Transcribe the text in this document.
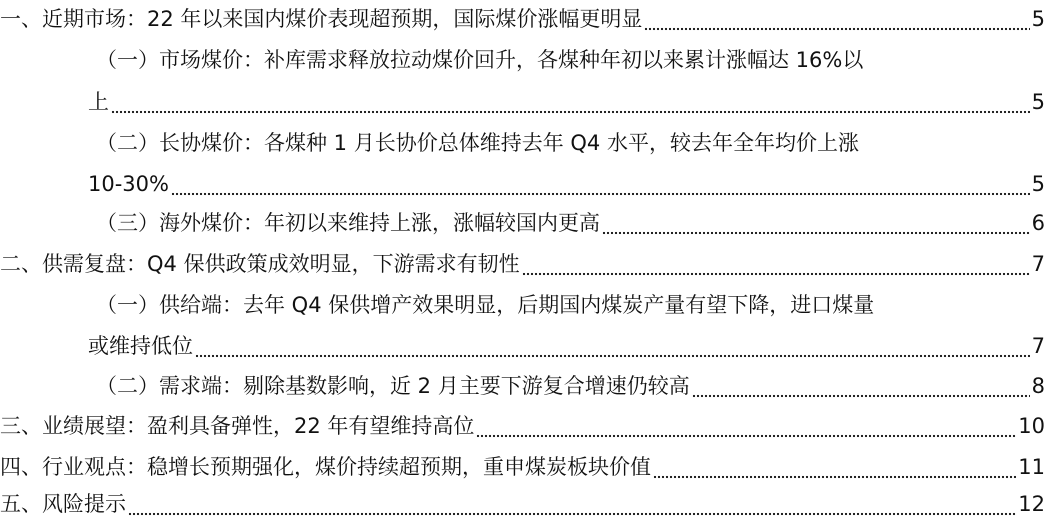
一、近期市场：22 年以来国内煤价表现超预期，国际煤价涨幅更明显	5
（一）市场煤价：补库需求释放拉动煤价回升，各煤种年初以来累计涨幅达 16%以
上	5
（二）长协煤价：各煤种 1 月长协价总体维持去年 Q4 水平，较去年全年均价上涨
10-30%	5
（三）海外煤价：年初以来维持上涨，涨幅较国内更高	6
二、供需复盘：Q4 保供政策成效明显，下游需求有韧性	7
（一）供给端：去年 Q4 保供增产效果明显，后期国内煤炭产量有望下降，进口煤量
或维持低位	7
（二）需求端：剔除基数影响，近 2 月主要下游复合增速仍较高	8
三、业绩展望：盈利具备弹性，22 年有望维持高位	10
四、行业观点：稳增长预期强化，煤价持续超预期，重申煤炭板块价值	11
五、风险提示	12
